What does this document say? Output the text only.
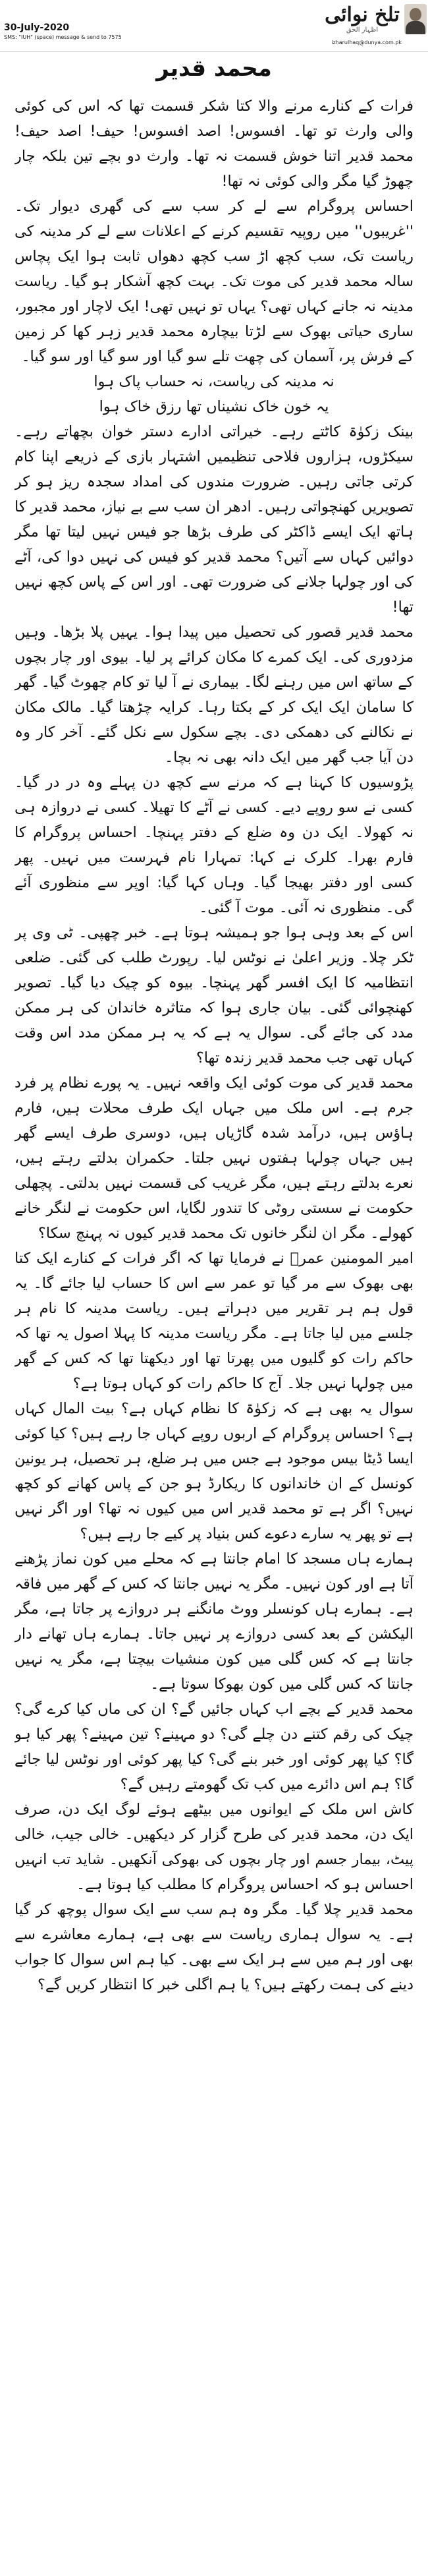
تلخ نوائی
اظہار الحق
30-July-2020
SMS: "IUH" (space) message & send to 7575
izharulhaq@dunya.com.pk
محمد قدیر

فرات کے کنارے مرنے والا کتا شکر قسمت تھا کہ اس کی کوئی والی وارث تو تھا۔ افسوس! اصد افسوس! حیف! اصد حیف! محمد قدیر اتنا خوش قسمت نہ تھا۔ وارث دو بچے تین بلکہ چار چھوڑ گیا مگر والی کوئی نہ تھا!

احساس پروگرام سے لے کر سب سے کی گھری دیوار تک۔ ''غریبوں'' میں روپیہ تقسیم کرنے کے اعلانات سے لے کر مدینہ کی ریاست تک، سب کچھ اڑ سب کچھ دھواں ثابت ہوا ایک پچاس سالہ محمد قدیر کی موت تک۔ بہت کچھ آشکار ہو گیا۔ ریاست مدینہ نہ جانے کہاں تھی؟ یہاں تو نہیں تھی! ایک لاچار اور مجبور، ساری حیاتی بھوک سے لڑتا بیچارہ محمد قدیر زہر کھا کر زمین کے فرش پر، آسمان کی چھت تلے سو گیا اور سو گیا اور سو گیا۔

نہ مدینہ کی ریاست، نہ حساب پاک ہوا

یہ خون خاک نشیناں تھا رزق خاک ہوا

بینک زکوٰۃ کاٹتے رہے۔ خیراتی ادارے دستر خوان بچھاتے رہے۔ سیکڑوں، ہزاروں فلاحی تنظیمیں اشتہار بازی کے ذریعے اپنا کام کرتی جاتی رہیں۔ ضرورت مندوں کی امداد سجدہ ریز ہو کر تصویریں کھنچواتی رہیں۔ ادھر ان سب سے بے نیاز، محمد قدیر کا ہاتھ ایک ایسے ڈاکٹر کی طرف بڑھا جو فیس نہیں لیتا تھا مگر دوائیں کہاں سے آتیں؟ محمد قدیر کو فیس کی نہیں دوا کی، آٹے کی اور چولہا جلانے کی ضرورت تھی۔ اور اس کے پاس کچھ نہیں تھا!

محمد قدیر قصور کی تحصیل میں پیدا ہوا۔ یہیں پلا بڑھا۔ وہیں مزدوری کی۔ ایک کمرے کا مکان کرائے پر لیا۔ بیوی اور چار بچوں کے ساتھ اس میں رہنے لگا۔ بیماری نے آ لیا تو کام چھوٹ گیا۔ گھر کا سامان ایک ایک کر کے بکتا رہا۔ کرایہ چڑھتا گیا۔ مالک مکان نے نکالنے کی دھمکی دی۔ بچے سکول سے نکل گئے۔ آخر کار وہ دن آیا جب گھر میں ایک دانہ بھی نہ بچا۔

پڑوسیوں کا کہنا ہے کہ مرنے سے کچھ دن پہلے وہ در در گیا۔ کسی نے سو روپے دیے۔ کسی نے آٹے کا تھیلا۔ کسی نے دروازہ ہی نہ کھولا۔ ایک دن وہ ضلع کے دفتر پہنچا۔ احساس پروگرام کا فارم بھرا۔ کلرک نے کہا: تمہارا نام فہرست میں نہیں۔ پھر کسی اور دفتر بھیجا گیا۔ وہاں کہا گیا: اوپر سے منظوری آئے گی۔ منظوری نہ آئی۔ موت آ گئی۔

اس کے بعد وہی ہوا جو ہمیشہ ہوتا ہے۔ خبر چھپی۔ ٹی وی پر ٹکر چلا۔ وزیر اعلیٰ نے نوٹس لیا۔ رپورٹ طلب کی گئی۔ ضلعی انتظامیہ کا ایک افسر گھر پہنچا۔ بیوہ کو چیک دیا گیا۔ تصویر کھنچوائی گئی۔ بیان جاری ہوا کہ متاثرہ خاندان کی ہر ممکن مدد کی جائے گی۔ سوال یہ ہے کہ یہ ہر ممکن مدد اس وقت کہاں تھی جب محمد قدیر زندہ تھا؟

محمد قدیر کی موت کوئی ایک واقعہ نہیں۔ یہ پورے نظام پر فرد جرم ہے۔ اس ملک میں جہاں ایک طرف محلات ہیں، فارم ہاؤس ہیں، درآمد شدہ گاڑیاں ہیں، دوسری طرف ایسے گھر ہیں جہاں چولہا ہفتوں نہیں جلتا۔ حکمران بدلتے رہتے ہیں، نعرے بدلتے رہتے ہیں، مگر غریب کی قسمت نہیں بدلتی۔ پچھلی حکومت نے سستی روٹی کا تندور لگایا، اس حکومت نے لنگر خانے کھولے۔ مگر ان لنگر خانوں تک محمد قدیر کیوں نہ پہنچ سکا؟

امیر المومنین عمرؓ نے فرمایا تھا کہ اگر فرات کے کنارے ایک کتا بھی بھوک سے مر گیا تو عمر سے اس کا حساب لیا جائے گا۔ یہ قول ہم ہر تقریر میں دہراتے ہیں۔ ریاست مدینہ کا نام ہر جلسے میں لیا جاتا ہے۔ مگر ریاست مدینہ کا پہلا اصول یہ تھا کہ حاکم رات کو گلیوں میں پھرتا تھا اور دیکھتا تھا کہ کس کے گھر میں چولہا نہیں جلا۔ آج کا حاکم رات کو کہاں ہوتا ہے؟

سوال یہ بھی ہے کہ زکوٰۃ کا نظام کہاں ہے؟ بیت المال کہاں ہے؟ احساس پروگرام کے اربوں روپے کہاں جا رہے ہیں؟ کیا کوئی ایسا ڈیٹا بیس موجود ہے جس میں ہر ضلع، ہر تحصیل، ہر یونین کونسل کے ان خاندانوں کا ریکارڈ ہو جن کے پاس کھانے کو کچھ نہیں؟ اگر ہے تو محمد قدیر اس میں کیوں نہ تھا؟ اور اگر نہیں ہے تو پھر یہ سارے دعوے کس بنیاد پر کیے جا رہے ہیں؟

ہمارے ہاں مسجد کا امام جانتا ہے کہ محلے میں کون نماز پڑھنے آتا ہے اور کون نہیں۔ مگر یہ نہیں جانتا کہ کس کے گھر میں فاقہ ہے۔ ہمارے ہاں کونسلر ووٹ مانگنے ہر دروازے پر جاتا ہے، مگر الیکشن کے بعد کسی دروازے پر نہیں جاتا۔ ہمارے ہاں تھانے دار جانتا ہے کہ کس گلی میں کون منشیات بیچتا ہے، مگر یہ نہیں جانتا کہ کس گلی میں کون بھوکا سوتا ہے۔

محمد قدیر کے بچے اب کہاں جائیں گے؟ ان کی ماں کیا کرے گی؟ چیک کی رقم کتنے دن چلے گی؟ دو مہینے؟ تین مہینے؟ پھر کیا ہو گا؟ کیا پھر کوئی اور خبر بنے گی؟ کیا پھر کوئی اور نوٹس لیا جائے گا؟ ہم اس دائرے میں کب تک گھومتے رہیں گے؟

کاش اس ملک کے ایوانوں میں بیٹھے ہوئے لوگ ایک دن، صرف ایک دن، محمد قدیر کی طرح گزار کر دیکھیں۔ خالی جیب، خالی پیٹ، بیمار جسم اور چار بچوں کی بھوکی آنکھیں۔ شاید تب انہیں احساس ہو کہ احساس پروگرام کا مطلب کیا ہوتا ہے۔

محمد قدیر چلا گیا۔ مگر وہ ہم سب سے ایک سوال پوچھ کر گیا ہے۔ یہ سوال ہماری ریاست سے بھی ہے، ہمارے معاشرے سے بھی اور ہم میں سے ہر ایک سے بھی۔ کیا ہم اس سوال کا جواب دینے کی ہمت رکھتے ہیں؟ یا ہم اگلی خبر کا انتظار کریں گے؟
